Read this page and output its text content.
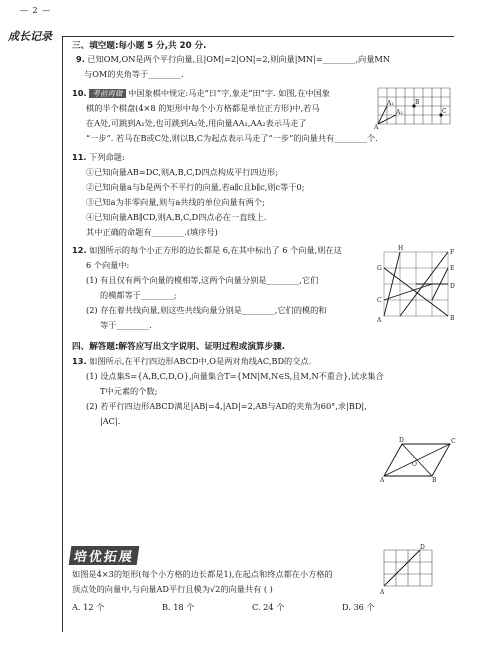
— 2 —
成长记录
三、填空题:每小题 5 分,共 20 分.
9. 已知OM,ON是两个平行向量,且|OM|=2|ON|=2,则向量|MN|=________,向量MN
与OM的夹角等于________.
10. 考前再做 中国象棋中规定:马走“日”字,象走“田”字. 如图,在中国象
棋的半个棋盘(4×8 的矩形中每个小方格都是单位正方形)中,若马
在A处,可跳到A₁处,也可跳到A₂处,用向量AA₁,AA₂表示马走了
“一步”. 若马在B或C处,则以B,C为起点表示马走了“一步”的向量共有________个.
A
A₁
A₂
B
C
11. 下列命题:
①已知向量AB=DC,则A,B,C,D四点构成平行四边形;
②已知向量a与b是两个不平行的向量,若a∥c且b∥c,则c等于0;
③已知a为非零向量,则与a共线的单位向量有两个;
④已知向量AB∥CD,则A,B,C,D四点必在一直线上.
其中正确的命题有________.(填序号)
12. 如图所示的每个小正方形的边长都是 6,在其中标出了 6 个向量,则在这
6 个向量中:
(1) 有且仅有两个向量的模相等,这两个向量分别是________,它们
的模都等于________;
(2) 存在着共线向量,则这些共线向量分别是________,它们的模的和
等于________.
H
F
G	E
D
C
B
A
四、解答题:解答应写出文字说明、证明过程或演算步骤.
13. 如图所示,在平行四边形ABCD中,O是两对角线AC,BD的交点.
(1) 设点集S={A,B,C,D,O},向量集合T={MN|M,N∈S,且M,N不重合},试求集合
T中元素的个数;
(2) 若平行四边形ABCD满足|AB|=4,|AD|=2,AB与AD的夹角为60°,求|BD|,
|AC|.
D	C
O
A	B
培优拓展
如图是4×3的矩形(每个小方格的边长都是1),在起点和终点都在小方格的
顶点处的向量中,与向量AD平行且模为√2的向量共有 ( )
A. 12 个	B. 18 个	C. 24 个	D. 36 个
A
D
